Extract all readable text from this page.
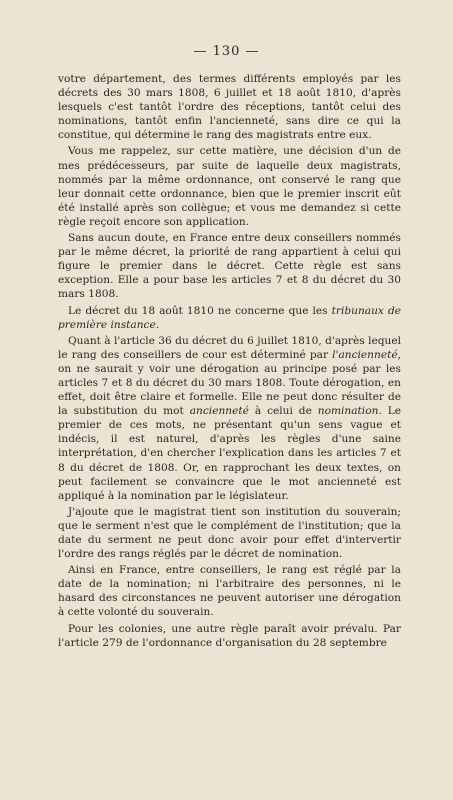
— 130 —

votre département, des termes différents employés par les décrets des 30 mars 1808, 6 juillet et 18 août 1810, d'après lesquels c'est tantôt l'ordre des réceptions, tantôt celui des nominations, tantôt enfin l'ancienneté, sans dire ce qui la constitue, qui détermine le rang des magistrats entre eux.

Vous me rappelez, sur cette matière, une décision d'un de mes prédécesseurs, par suite de laquelle deux magistrats, nommés par la même ordonnance, ont conservé le rang que leur donnait cette ordonnance, bien que le premier inscrit eût été installé après son collègue; et vous me demandez si cette règle reçoit encore son application.

Sans aucun doute, en France entre deux conseillers nommés par le même décret, la priorité de rang appartient à celui qui figure le premier dans le décret. Cette règle est sans exception. Elle a pour base les articles 7 et 8 du décret du 30 mars 1808.

Le décret du 18 août 1810 ne concerne que les tribunaux de première instance.

Quant à l'article 36 du décret du 6 juillet 1810, d'après lequel le rang des conseillers de cour est déterminé par l'ancienneté, on ne saurait y voir une dérogation au principe posé par les articles 7 et 8 du décret du 30 mars 1808. Toute dérogation, en effet, doit être claire et formelle. Elle ne peut donc résulter de la substitution du mot ancienneté à celui de nomination. Le premier de ces mots, ne présentant qu'un sens vague et indécis, il est naturel, d'après les règles d'une saine interprétation, d'en chercher l'explication dans les articles 7 et 8 du décret de 1808. Or, en rapprochant les deux textes, on peut facilement se convaincre que le mot ancienneté est appliqué à la nomination par le législateur.

J'ajoute que le magistrat tient son institution du souverain; que le serment n'est que le complément de l'institution; que la date du serment ne peut donc avoir pour effet d'intervertir l'ordre des rangs réglés par le décret de nomination.

Ainsi en France, entre conseillers, le rang est réglé par la date de la nomination; ni l'arbitraire des personnes, ni le hasard des circonstances ne peuvent autoriser une dérogation à cette volonté du souverain.

Pour les colonies, une autre règle paraît avoir prévalu. Par l'article 279 de l'ordonnance d'organisation du 28 septembre
